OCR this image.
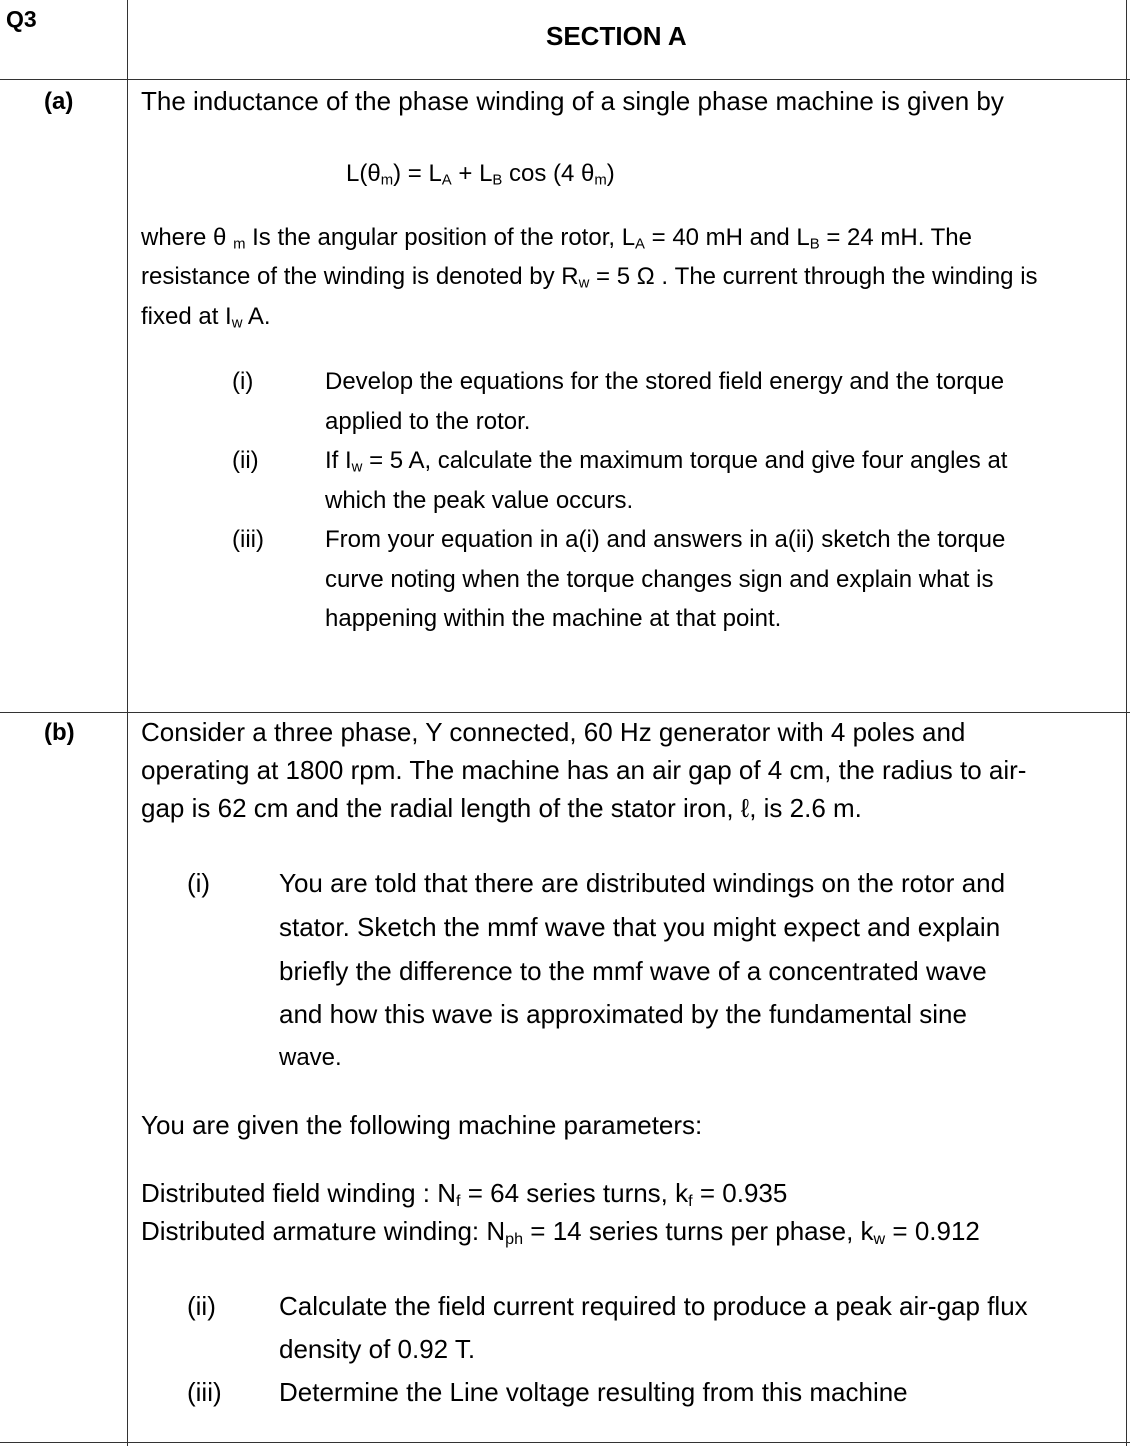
Q3
SECTION A
(a)	The inductance of the phase winding of a single phase machine is given by
$L(\theta_m) = L_A + L_B$ cos (4 $\theta_m$)
where θ $_m$ Is the angular position of the rotor, $L_A = 40$ mH and $L_B = 24$ mH. The
resistance of the winding is denoted by $R_w = 5$ Ω . The current through the winding is
fixed at $I_w$ A.
(i)	Develop the equations for the stored field energy and the torque
applied to the rotor.
(ii)	If $I_w = 5$ A, calculate the maximum torque and give four angles at
which the peak value occurs.
(iii)	From your equation in a(i) and answers in a(ii) sketch the torque
curve noting when the torque changes sign and explain what is
happening within the machine at that point.
(b)	Consider a three phase, Y connected, 60 Hz generator with 4 poles and
operating at 1800 rpm. The machine has an air gap of 4 cm, the radius to air-
gap is 62 cm and the radial length of the stator iron, ℓ, is 2.6 m.
(i)	You are told that there are distributed windings on the rotor and
stator. Sketch the mmf wave that you might expect and explain
briefly the difference to the mmf wave of a concentrated wave
and how this wave is approximated by the fundamental sine
wave.
You are given the following machine parameters:
Distributed field winding : $N_f = 64$ series turns, $k_f = 0.935$
Distributed armature winding: $N_{ph} = 14$ series turns per phase, $k_w = 0.912$
(ii) Calculate the field current required to produce a peak air-gap flux
density of 0.92 T.
(iii) Determine the Line voltage resulting from this machine
